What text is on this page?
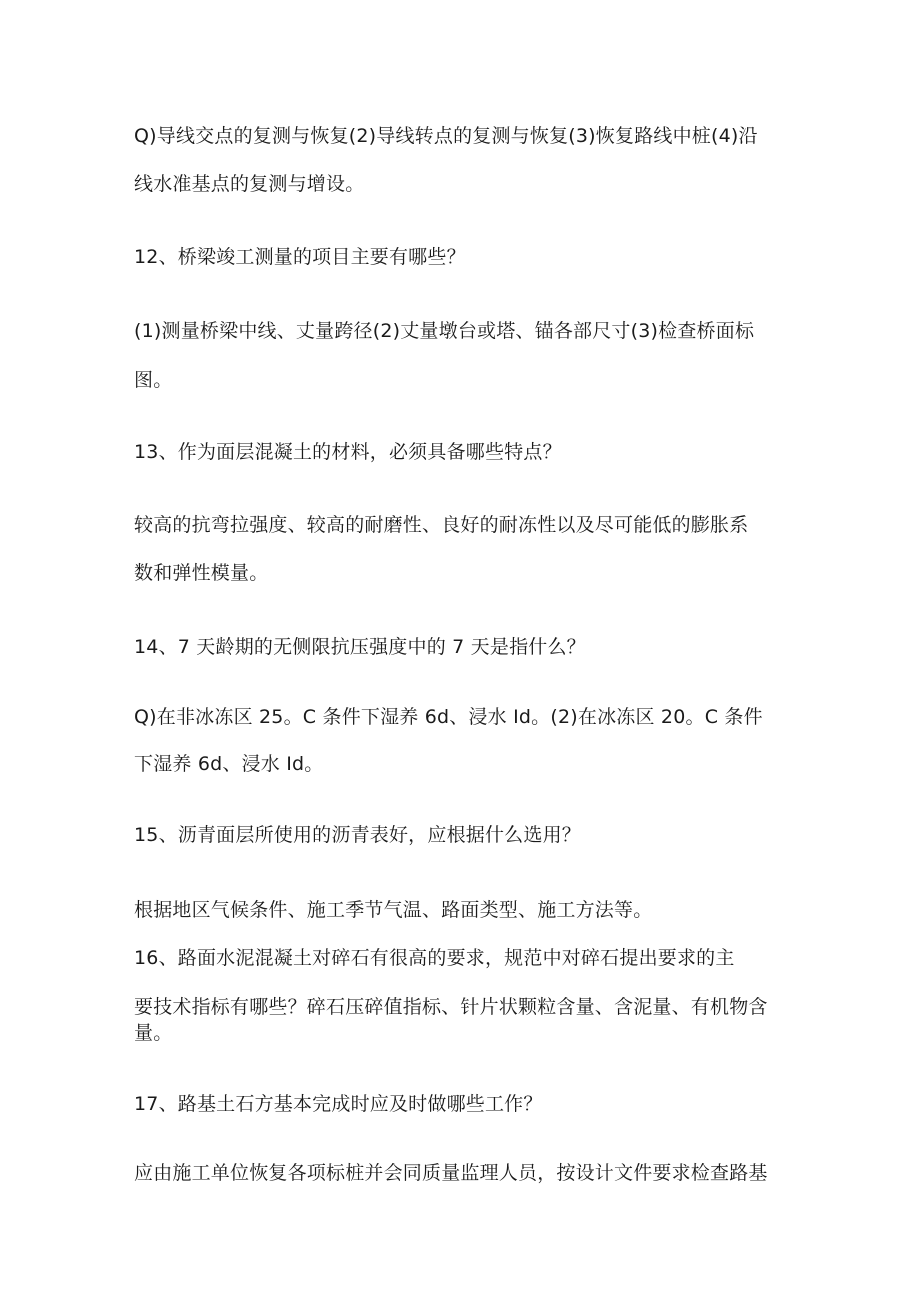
Q)导线交点的复测与恢复(2)导线转点的复测与恢复(3)恢复路线中桩(4)沿
线水准基点的复测与增设。
12、桥梁竣工测量的项目主要有哪些？
(1)测量桥梁中线、丈量跨径(2)丈量墩台或塔、锚各部尺寸(3)检查桥面标
图。
13、作为面层混凝土的材料，必须具备哪些特点？
较高的抗弯拉强度、较高的耐磨性、良好的耐冻性以及尽可能低的膨胀系
数和弹性模量。
14、7 天龄期的无侧限抗压强度中的 7 天是指什么？
Q)在非冰冻区 25。C 条件下湿养 6d、浸水 Id。(2)在冰冻区 20。C 条件
下湿养 6d、浸水 Id。
15、沥青面层所使用的沥青表好，应根据什么选用？
根据地区气候条件、施工季节气温、路面类型、施工方法等。
16、路面水泥混凝土对碎石有很高的要求，规范中对碎石提出要求的主
要技术指标有哪些？碎石压碎值指标、针片状颗粒含量、含泥量、有机物含
量。
17、路基土石方基本完成时应及时做哪些工作？
应由施工单位恢复各项标桩并会同质量监理人员，按设计文件要求检查路基
